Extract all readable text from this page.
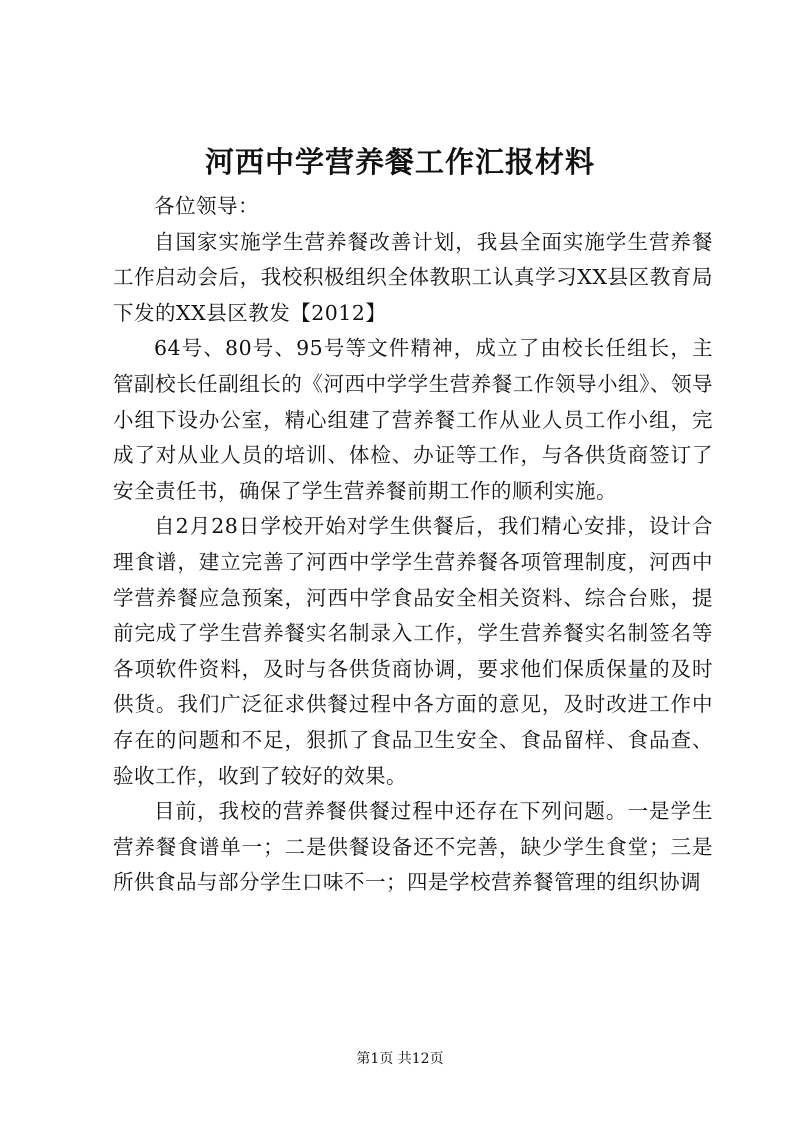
河西中学营养餐工作汇报材料

各位领导：

自国家实施学生营养餐改善计划，我县全面实施学生营养餐工作启动会后，我校积极组织全体教职工认真学习XX县区教育局下发的XX县区教发【2012】

64号、80号、95号等文件精神，成立了由校长任组长，主管副校长任副组长的《河西中学学生营养餐工作领导小组》、领导小组下设办公室，精心组建了营养餐工作从业人员工作小组，完成了对从业人员的培训、体检、办证等工作，与各供货商签订了安全责任书，确保了学生营养餐前期工作的顺利实施。

自2月28日学校开始对学生供餐后，我们精心安排，设计合理食谱，建立完善了河西中学学生营养餐各项管理制度，河西中学营养餐应急预案，河西中学食品安全相关资料、综合台账，提前完成了学生营养餐实名制录入工作，学生营养餐实名制签名等各项软件资料，及时与各供货商协调，要求他们保质保量的及时供货。我们广泛征求供餐过程中各方面的意见，及时改进工作中存在的问题和不足，狠抓了食品卫生安全、食品留样、食品查、验收工作，收到了较好的效果。

目前，我校的营养餐供餐过程中还存在下列问题。一是学生营养餐食谱单一；二是供餐设备还不完善，缺少学生食堂；三是所供食品与部分学生口味不一；四是学校营养餐管理的组织协调

第1页 共12页
